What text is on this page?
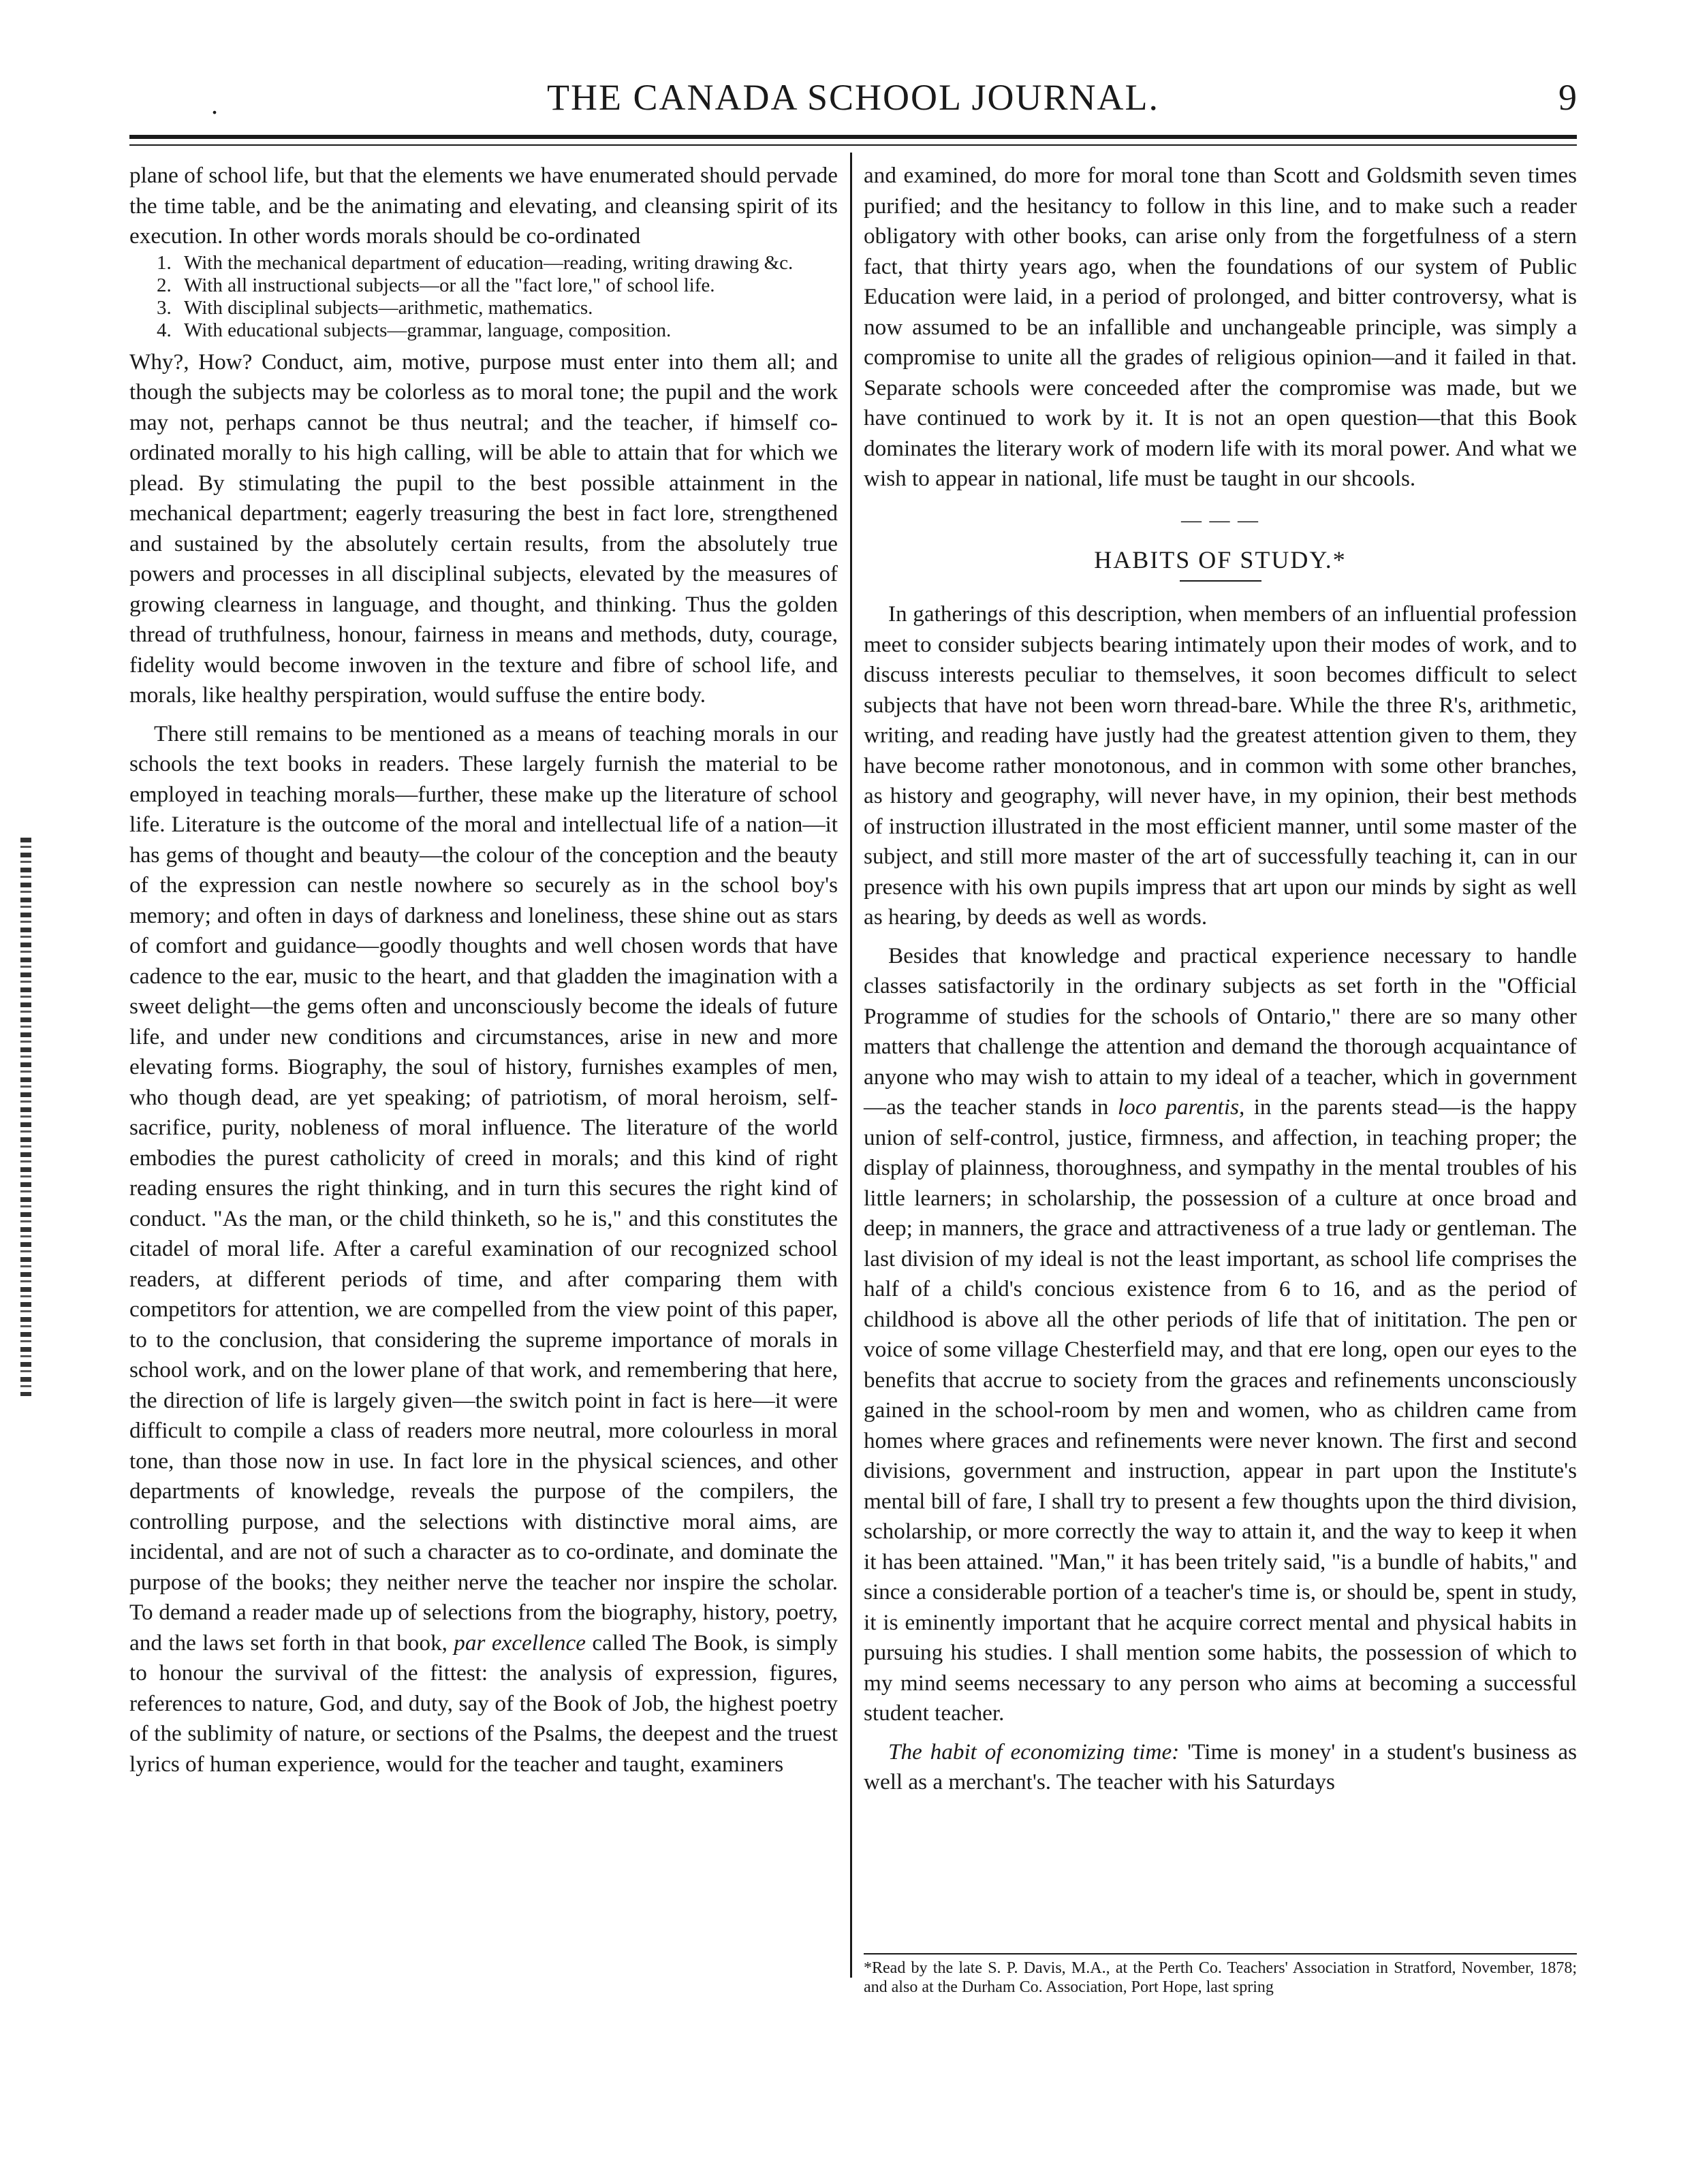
.	THE CANADA SCHOOL JOURNAL.	9

plane of school life, but that the elements we have enumerated should pervade the time table, and be the animating and elevating, and cleansing spirit of its execution. In other words morals should be co-ordinated

1. With the mechanical department of education—reading, writing drawing &c.
2. With all instructional subjects—or all the "fact lore," of school life.
3. With disciplinal subjects—arithmetic, mathematics.
4. With educational subjects—grammar, language, composition.

Why?, How? Conduct, aim, motive, purpose must enter into them all; and though the subjects may be colorless as to moral tone; the pupil and the work may not, perhaps cannot be thus neutral; and the teacher, if himself co-ordinated morally to his high calling, will be able to attain that for which we plead. By stimulating the pupil to the best possible attainment in the mechanical department; eagerly treasuring the best in fact lore, strengthened and sustained by the absolutely certain results, from the absolutely true powers and processes in all disciplinal subjects, elevated by the measures of growing clearness in language, and thought, and thinking. Thus the golden thread of truthfulness, honour, fairness in means and methods, duty, courage, fidelity would become inwoven in the texture and fibre of school life, and morals, like healthy perspiration, would suffuse the entire body.

There still remains to be mentioned as a means of teaching morals in our schools the text books in readers. These largely furnish the material to be employed in teaching morals—further, these make up the literature of school life. Literature is the outcome of the moral and intellectual life of a nation—it has gems of thought and beauty—the colour of the conception and the beauty of the expression can nestle nowhere so securely as in the school boy's memory; and often in days of darkness and loneliness, these shine out as stars of comfort and guidance—goodly thoughts and well chosen words that have cadence to the ear, music to the heart, and that gladden the imagination with a sweet delight—the gems often and unconsciously become the ideals of future life, and under new conditions and circumstances, arise in new and more elevating forms. Biography, the soul of history, furnishes examples of men, who though dead, are yet speaking; of patriotism, of moral heroism, self-sacrifice, purity, nobleness of moral influence. The literature of the world embodies the purest catholicity of creed in morals; and this kind of right reading ensures the right thinking, and in turn this secures the right kind of conduct. "As the man, or the child thinketh, so he is," and this constitutes the citadel of moral life. After a careful examination of our recognized school readers, at different periods of time, and after comparing them with competitors for attention, we are compelled from the view point of this paper, to to the conclusion, that considering the supreme importance of morals in school work, and on the lower plane of that work, and remembering that here, the direction of life is largely given—the switch point in fact is here—it were difficult to compile a class of readers more neutral, more colourless in moral tone, than those now in use. In fact lore in the physical sciences, and other departments of knowledge, reveals the purpose of the compilers, the controlling purpose, and the selections with distinctive moral aims, are incidental, and are not of such a character as to co-ordinate, and dominate the purpose of the books; they neither nerve the teacher nor inspire the scholar. To demand a reader made up of selections from the biography, history, poetry, and the laws set forth in that book, par excellence called The Book, is simply to honour the survival of the fittest: the analysis of expression, figures, references to nature, God, and duty, say of the Book of Job, the highest poetry of the sublimity of nature, or sections of the Psalms, the deepest and the truest lyrics of human experience, would for the teacher and taught, examiners

and examined, do more for moral tone than Scott and Goldsmith seven times purified; and the hesitancy to follow in this line, and to make such a reader obligatory with other books, can arise only from the forgetfulness of a stern fact, that thirty years ago, when the foundations of our system of Public Education were laid, in a period of prolonged, and bitter controversy, what is now assumed to be an infallible and unchangeable principle, was simply a compromise to unite all the grades of religious opinion—and it failed in that. Separate schools were conceeded after the compromise was made, but we have continued to work by it. It is not an open question—that this Book dominates the literary work of modern life with its moral power. And what we wish to appear in national, life must be taught in our shcools.

— — —
HABITS OF STUDY.*

In gatherings of this description, when members of an influential profession meet to consider subjects bearing intimately upon their modes of work, and to discuss interests peculiar to themselves, it soon becomes difficult to select subjects that have not been worn thread-bare. While the three R's, arithmetic, writing, and reading have justly had the greatest attention given to them, they have become rather monotonous, and in common with some other branches, as history and geography, will never have, in my opinion, their best methods of instruction illustrated in the most efficient manner, until some master of the subject, and still more master of the art of successfully teaching it, can in our presence with his own pupils impress that art upon our minds by sight as well as hearing, by deeds as well as words.

Besides that knowledge and practical experience necessary to handle classes satisfactorily in the ordinary subjects as set forth in the "Official Programme of studies for the schools of Ontario," there are so many other matters that challenge the attention and demand the thorough acquaintance of anyone who may wish to attain to my ideal of a teacher, which in government—as the teacher stands in loco parentis, in the parents stead—is the happy union of self-control, justice, firmness, and affection, in teaching proper; the display of plainness, thoroughness, and sympathy in the mental troubles of his little learners; in scholarship, the possession of a culture at once broad and deep; in manners, the grace and attractiveness of a true lady or gentleman. The last division of my ideal is not the least important, as school life comprises the half of a child's concious existence from 6 to 16, and as the period of childhood is above all the other periods of life that of inititation. The pen or voice of some village Chesterfield may, and that ere long, open our eyes to the benefits that accrue to society from the graces and refinements unconsciously gained in the school-room by men and women, who as children came from homes where graces and refinements were never known. The first and second divisions, government and instruction, appear in part upon the Institute's mental bill of fare, I shall try to present a few thoughts upon the third division, scholarship, or more correctly the way to attain it, and the way to keep it when it has been attained. "Man," it has been tritely said, "is a bundle of habits," and since a considerable portion of a teacher's time is, or should be, spent in study, it is eminently important that he acquire correct mental and physical habits in pursuing his studies. I shall mention some habits, the possession of which to my mind seems necessary to any person who aims at becoming a successful student teacher.

The habit of economizing time: 'Time is money' in a student's business as well as a merchant's. The teacher with his Saturdays

*Read by the late S. P. Davis, M.A., at the Perth Co. Teachers' Association in Stratford, November, 1878; and also at the Durham Co. Association, Port Hope, last spring
